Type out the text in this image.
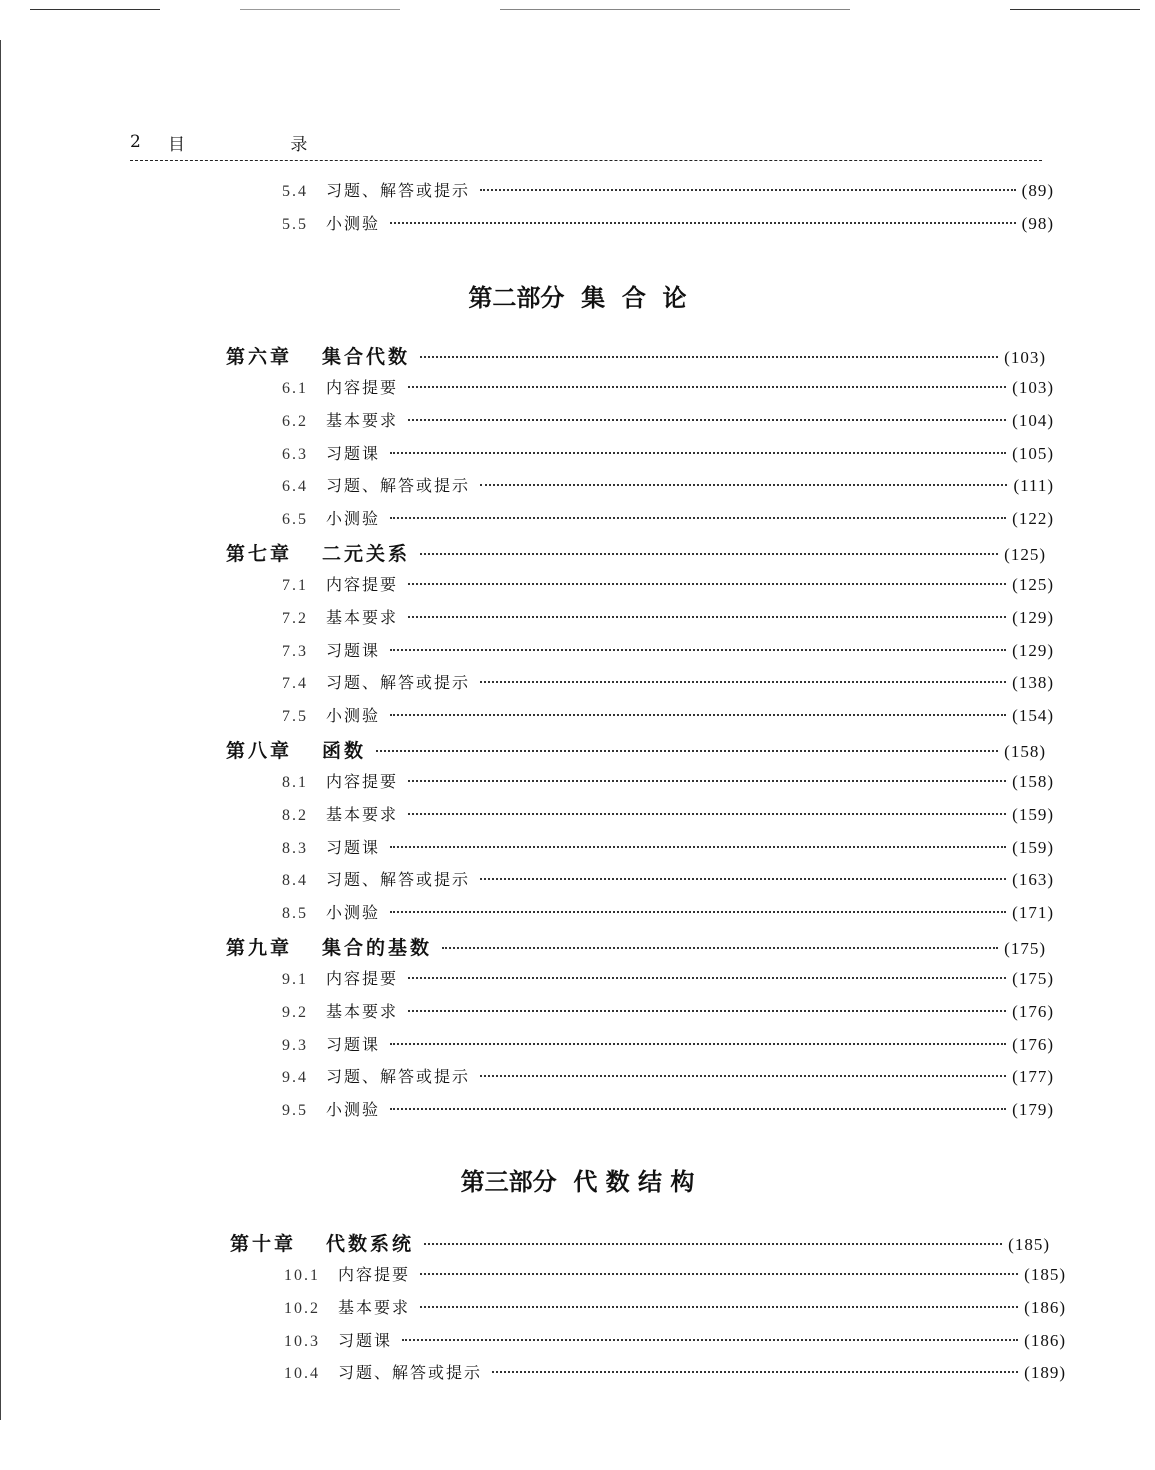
2 目 录
5.4	习题、解答或提示	(89)
5.5	小测验	(98)
第六章	集合代数	(103)
6.1	内容提要	(103)
6.2	基本要求	(104)
6.3	习题课	(105)
6.4	习题、解答或提示	(111)
6.5	小测验	(122)
第七章	二元关系	(125)
7.1	内容提要	(125)
7.2	基本要求	(129)
7.3	习题课	(129)
7.4	习题、解答或提示	(138)
7.5	小测验	(154)
第八章	函数	(158)
8.1	内容提要	(158)
8.2	基本要求	(159)
8.3	习题课	(159)
8.4	习题、解答或提示	(163)
8.5	小测验	(171)
第九章	集合的基数	(175)
9.1	内容提要	(175)
9.2	基本要求	(176)
9.3	习题课	(176)
9.4	习题、解答或提示	(177)
9.5	小测验	(179)
第十章	代数系统	(185)
10.1	内容提要	(185)
10.2	基本要求	(186)
10.3	习题课	(186)
10.4	习题、解答或提示	(189)
第二部分  集  合  论
第三部分  代 数 结 构
